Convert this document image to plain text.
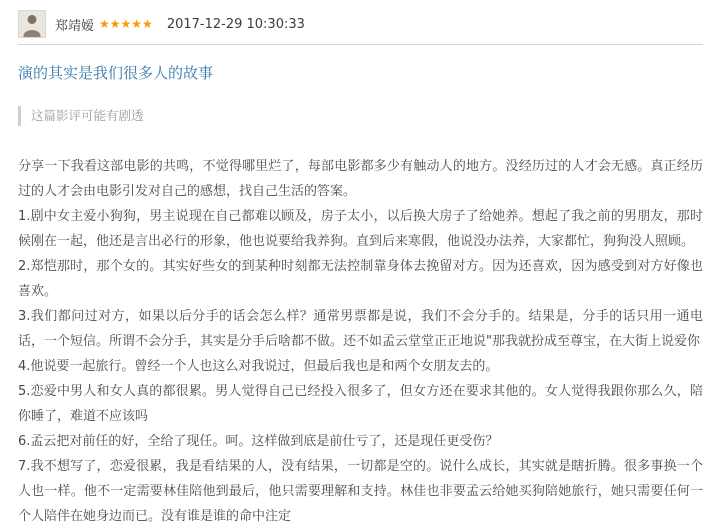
郑靖嫒 ★★★★★ 2017-12-29 10:30:33
演的其实是我们很多人的故事
这篇影评可能有剧透

分享一下我看这部电影的共鸣，不觉得哪里烂了，每部电影都多少有触动人的地方。没经历过的人才会无感。真正经历过的人才会由电影引发对自己的感想，找自己生活的答案。

1.剧中女主爱小狗狗，男主说现在自己都难以顾及，房子太小，以后换大房子了给她养。想起了我之前的男朋友，那时候刚在一起，他还是言出必行的形象，他也说要给我养狗。直到后来寒假，他说没办法养，大家都忙，狗狗没人照顾。

2.郑恺那时，那个女的。其实好些女的到某种时刻都无法控制靠身体去挽留对方。因为还喜欢，因为感受到对方好像也喜欢。

3.我们都问过对方，如果以后分手的话会怎么样？通常男票都是说，我们不会分手的。结果是，分手的话只用一通电话，一个短信。所谓不会分手，其实是分手后啥都不做。还不如孟云堂堂正正地说"那我就扮成至尊宝，在大街上说爱你

4.他说要一起旅行。曾经一个人也这么对我说过，但最后我也是和两个女朋友去的。

5.恋爱中男人和女人真的都很累。男人觉得自己已经投入很多了，但女方还在要求其他的。女人觉得我跟你那么久，陪你睡了，难道不应该吗

6.孟云把对前任的好，全给了现任。呵。这样做到底是前仕亏了，还是现任更受伤？

7.我不想写了，恋爱很累，我是看结果的人，没有结果，一切都是空的。说什么成长，其实就是瞎折腾。很多事换一个人也一样。他不一定需要林佳陪他到最后，他只需要理解和支持。林佳也非要孟云给她买狗陪她旅行，她只需要任何一个人陪伴在她身边而已。没有谁是谁的命中注定
